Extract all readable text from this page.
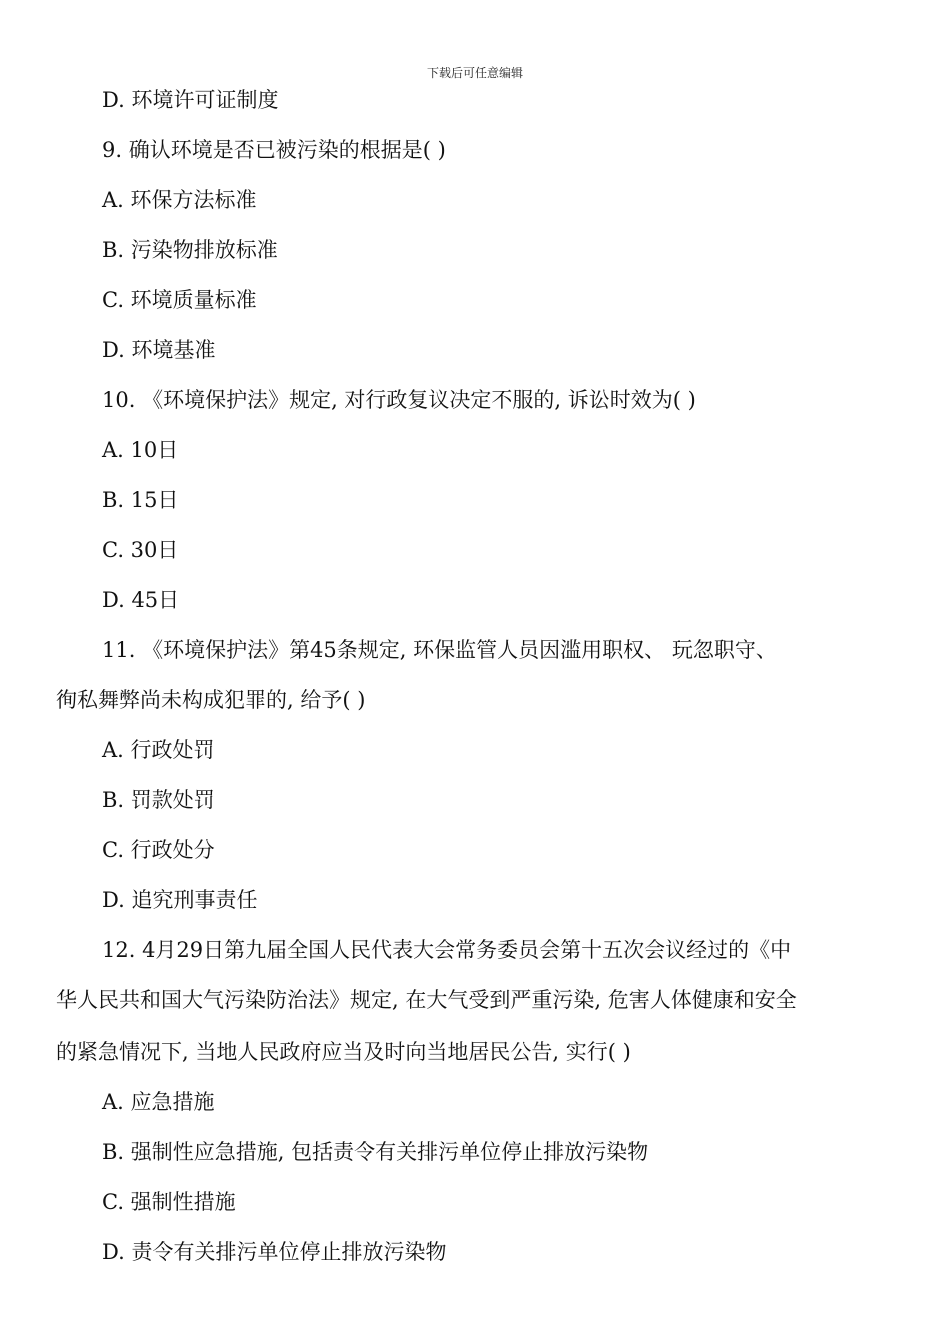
下载后可任意编辑
D. 环境许可证制度
9. 确认环境是否已被污染的根据是( )
A. 环保方法标准
B. 污染物排放标准
C. 环境质量标准
D. 环境基准
10. 《环境保护法》规定, 对行政复议决定不服的, 诉讼时效为( )
A. 10日
B. 15日
C. 30日
D. 45日
11. 《环境保护法》第45条规定, 环保监管人员因滥用职权、 玩忽职守、
徇私舞弊尚未构成犯罪的, 给予( )
A. 行政处罚
B. 罚款处罚
C. 行政处分
D. 追究刑事责任
12. 4月29日第九届全国人民代表大会常务委员会第十五次会议经过的《中
华人民共和国大气污染防治法》规定, 在大气受到严重污染, 危害人体健康和安全
的紧急情况下, 当地人民政府应当及时向当地居民公告, 实行( )
A. 应急措施
B. 强制性应急措施, 包括责令有关排污单位停止排放污染物
C. 强制性措施
D. 责令有关排污单位停止排放污染物
